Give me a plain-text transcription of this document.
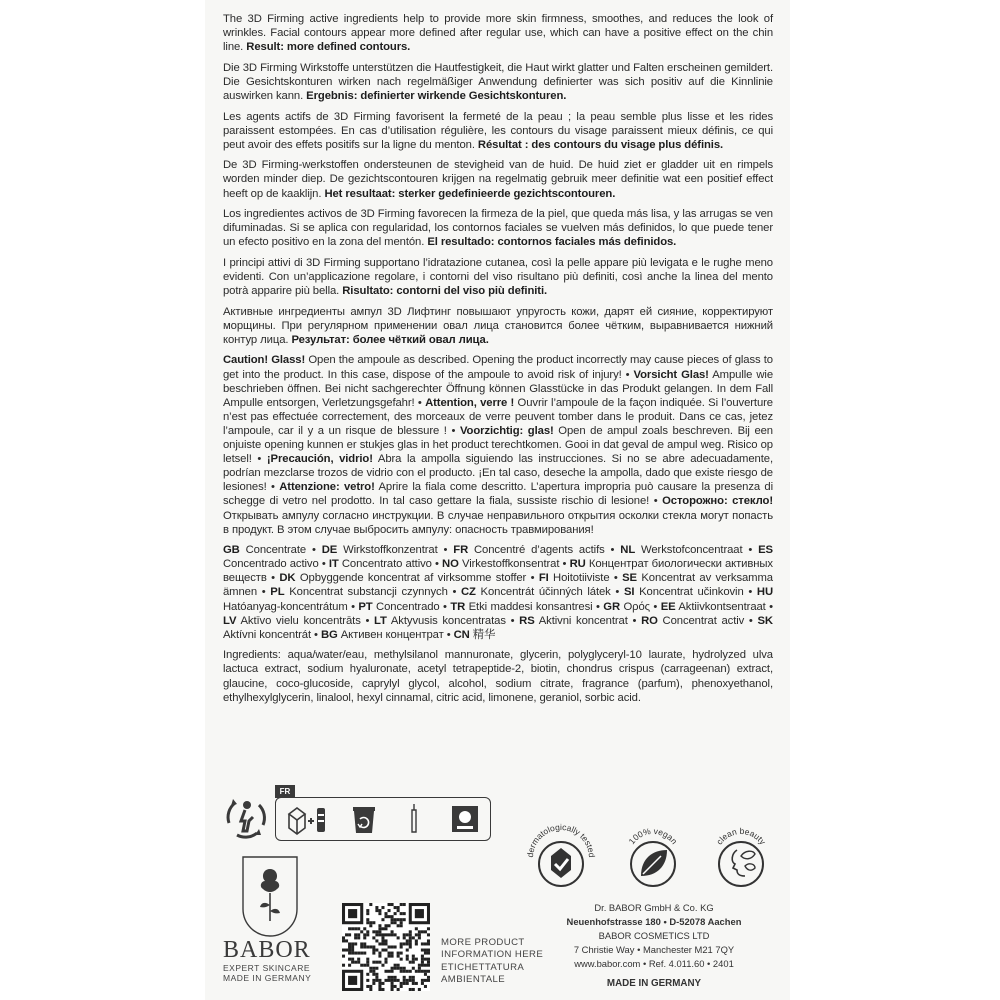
The 3D Firming active ingredients help to provide more skin firmness, smoothes, and reduces the look of wrinkles. Facial contours appear more defined after regular use, which can have a positive effect on the chin line. Result: more defined contours.

Die 3D Firming Wirkstoffe unterstützen die Hautfestigkeit, die Haut wirkt glatter und Falten erscheinen gemildert. Die Gesichtskonturen wirken nach regelmäßiger Anwendung definierter was sich positiv auf die Kinnlinie auswirken kann. Ergebnis: definierter wirkende Gesichtskonturen.

Les agents actifs de 3D Firming favorisent la fermeté de la peau ; la peau semble plus lisse et les rides paraissent estompées. En cas d’utilisation régulière, les contours du visage paraissent mieux définis, ce qui peut avoir des effets positifs sur la ligne du menton. Résultat : des contours du visage plus définis.

De 3D Firming-werkstoffen ondersteunen de stevigheid van de huid. De huid ziet er gladder uit en rimpels worden minder diep. De gezichtscontouren krijgen na regelmatig gebruik meer definitie wat een positief effect heeft op de kaaklijn. Het resultaat: sterker gedefinieerde gezichtscontouren.

Los ingredientes activos de 3D Firming favorecen la firmeza de la piel, que queda más lisa, y las arrugas se ven difuminadas. Si se aplica con regularidad, los contornos faciales se vuelven más definidos, lo que puede tener un efecto positivo en la zona del mentón. El resultado: contornos faciales más definidos.

I principi attivi di 3D Firming supportano l’idratazione cutanea, così la pelle appare più levigata e le rughe meno evidenti. Con un’applicazione regolare, i contorni del viso risultano più definiti, così anche la linea del mento potrà apparire più bella. Risultato: contorni del viso più definiti.

Активные ингредиенты ампул 3D Лифтинг повышают упругость кожи, дарят ей сияние, корректируют морщины. При регулярном применении овал лица становится более чётким, выравнивается нижний контур лица. Результат: более чёткий овал лица.

Caution! Glass! Open the ampoule as described. Opening the product incorrectly may cause pieces of glass to get into the product. In this case, dispose of the ampoule to avoid risk of injury! • Vorsicht Glas! Ampulle wie beschrieben öffnen. Bei nicht sachgerechter Öffnung können Glasstücke in das Produkt gelangen. In dem Fall Ampulle entsorgen, Verletzungsgefahr! • Attention, verre ! Ouvrir l’ampoule de la façon indiquée. Si l’ouverture n’est pas effectuée correctement, des morceaux de verre peuvent tomber dans le produit. Dans ce cas, jetez l’ampoule, car il y a un risque de blessure ! • Voorzichtig: glas! Open de ampul zoals beschreven. Bij een onjuiste opening kunnen er stukjes glas in het product terechtkomen. Gooi in dat geval de ampul weg. Risico op letsel! • ¡Precaución, vidrio! Abra la ampolla siguiendo las instrucciones. Si no se abre adecuadamente, podrían mezclarse trozos de vidrio con el producto. ¡En tal caso, deseche la ampolla, dado que existe riesgo de lesiones! • Attenzione: vetro! Aprire la fiala come descritto. L’apertura impropria può causare la presenza di schegge di vetro nel prodotto. In tal caso gettare la fiala, sussiste rischio di lesione! • Осторожно: стекло! Открывать ампулу согласно инструкции. В случае неправильного открытия осколки стекла могут попасть в продукт. В этом случае выбросить ампулу: опасность травмирования!

GB Concentrate • DE Wirkstoffkonzentrat • FR Concentré d’agents actifs • NL Werkstofconcentraat • ES Concentrado activo • IT Concentrato attivo • NO Virkestoffkonsentrat • RU Концентрат биологически активных веществ • DK Opbyggende koncentrat af virksomme stoffer • FI Hoitotiiviste • SE Koncentrat av verksamma ämnen • PL Koncentrat substancji czynnych • CZ Koncentrát účinných látek • SI Koncentrat učinkovin • HU Hatóanyag-koncentrátum • PT Concentrado • TR Etki maddesi konsantresi • GR Ορός • EE Aktiivkontsentraat • LV Aktīvo vielu koncentrāts • LT Aktyvusis koncentratas • RS Aktivni koncentrat • RO Concentrat activ • SK Aktívni koncentrát • BG Активен концентрат • CN 精华

Ingredients: aqua/water/eau, methylsilanol mannuronate, glycerin, polyglyceryl-10 laurate, hydrolyzed ulva lactuca extract, sodium hyaluronate, acetyl tetrapeptide-2, biotin, chondrus crispus (carrageenan) extract, glaucine, coco-glucoside, caprylyl glycol, alcohol, sodium citrate, fragrance (parfum), phenoxyethanol, ethylhexylglycerin, linalool, hexyl cinnamal, citric acid, limonene, geraniol, sorbic acid.

FR
dermatologically tested
100% vegan	clean beauty
BABOR
EXPERT SKINCARE
MADE IN GERMANY
MORE PRODUCT
INFORMATION HERE
ETICHETTATURA
AMBIENTALE
Dr. BABOR GmbH & Co. KG
Neuenhofstrasse 180 • D-52078 Aachen
BABOR COSMETICS LTD
7 Christie Way • Manchester M21 7QY
www.babor.com • Ref. 4.011.60 • 2401
MADE IN GERMANY
